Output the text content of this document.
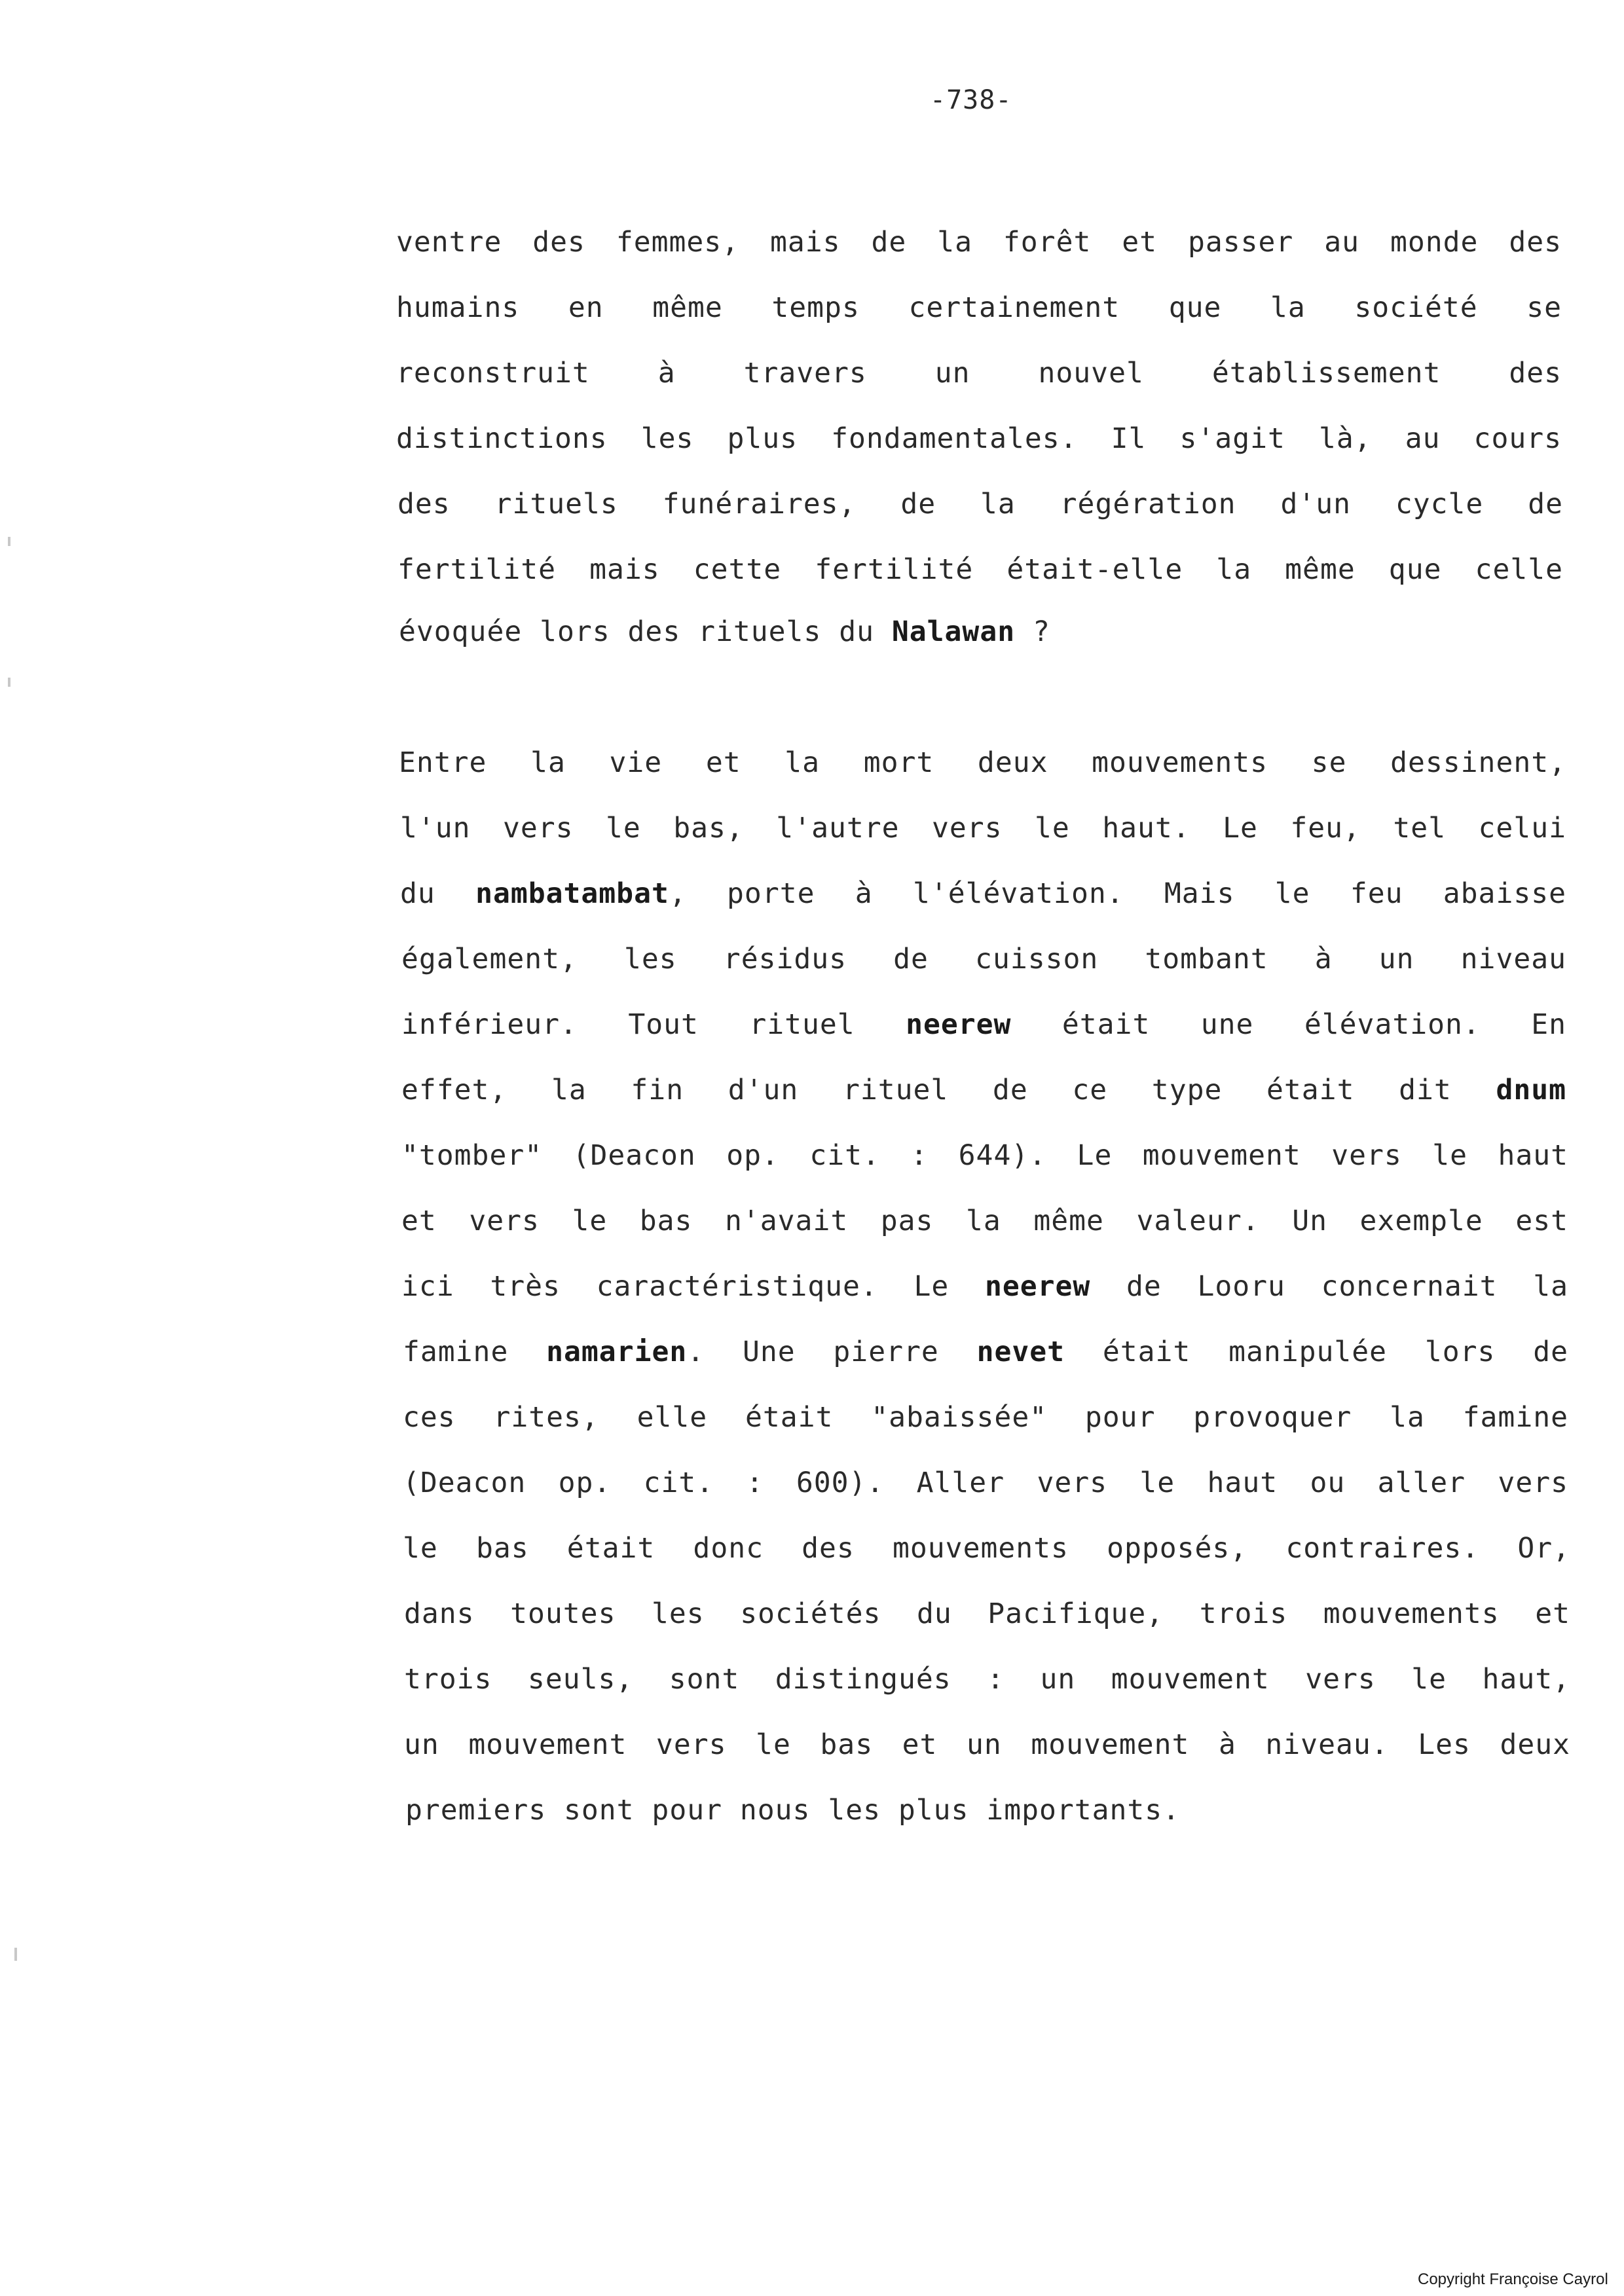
-738-
ventre des femmes, mais de la forêt et passer au monde des
humains en même temps certainement que la société se
reconstruit à travers un nouvel établissement des
distinctions les plus fondamentales. Il s'agit là, au cours
des rituels funéraires, de la régération d'un cycle de
fertilité mais cette fertilité était-elle la même que celle
évoquée lors des rituels du Nalawan ?
Entre la vie et la mort deux mouvements se dessinent,
l'un vers le bas, l'autre vers le haut. Le feu, tel celui
du nambatambat, porte à l'élévation. Mais le feu abaisse
également, les résidus de cuisson tombant à un niveau
inférieur. Tout rituel neerew était une élévation. En
effet, la fin d'un rituel de ce type était dit dnum
"tomber" (Deacon op. cit. : 644). Le mouvement vers le haut
et vers le bas n'avait pas la même valeur. Un exemple est
ici très caractéristique. Le neerew de Looru concernait la
famine namarien. Une pierre nevet était manipulée lors de
ces rites, elle était "abaissée" pour provoquer la famine
(Deacon op. cit. : 600). Aller vers le haut ou aller vers
le bas était donc des mouvements opposés, contraires. Or,
dans toutes les sociétés du Pacifique, trois mouvements et
trois seuls, sont distingués : un mouvement vers le haut,
un mouvement vers le bas et un mouvement à niveau. Les deux
premiers sont pour nous les plus importants.
Copyright Françoise Cayrol
